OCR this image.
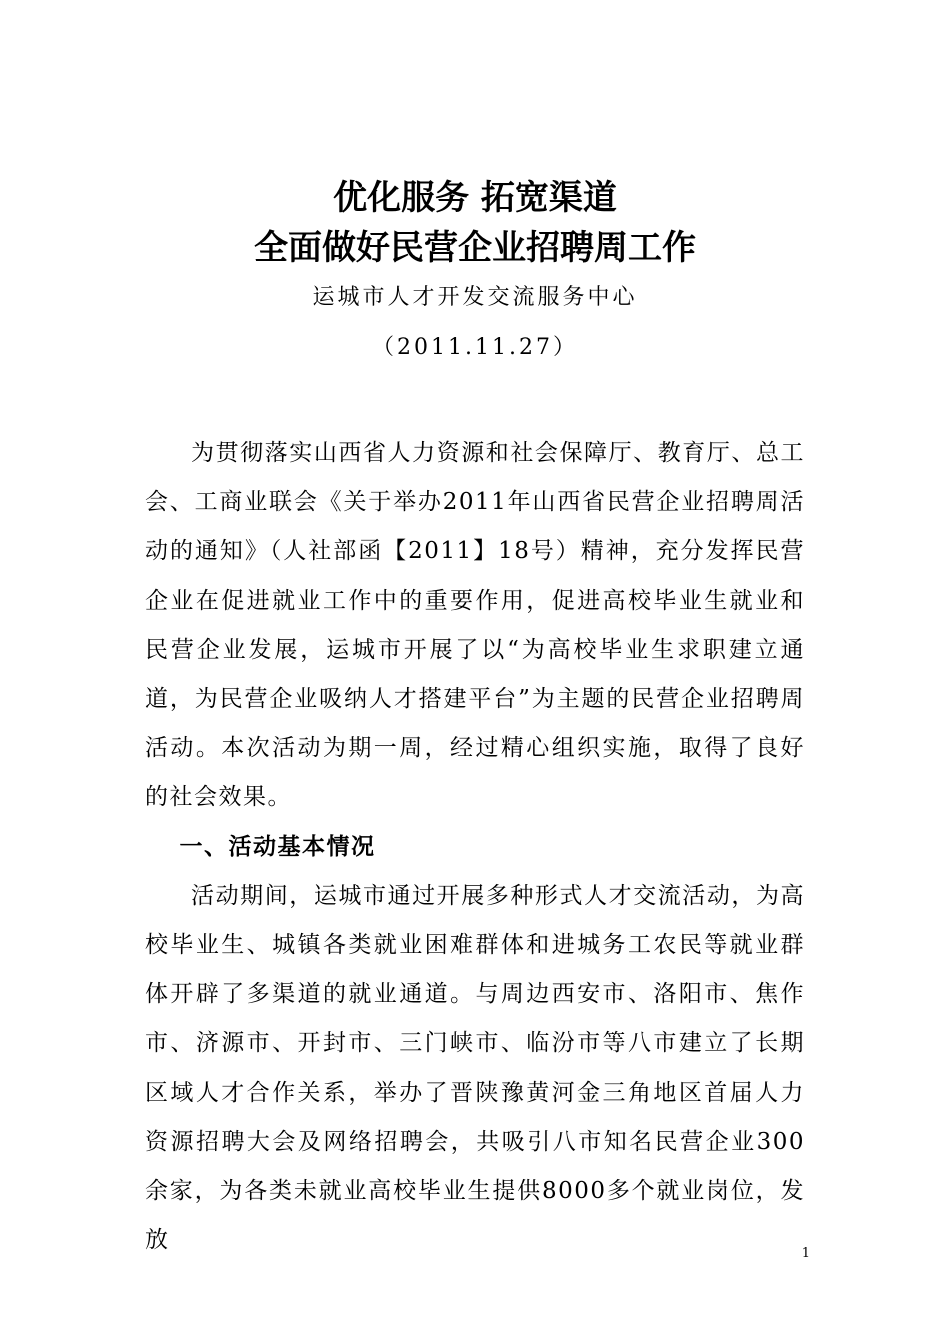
优化服务 拓宽渠道
全面做好民营企业招聘周工作
运城市人才开发交流服务中心
（2011.11.27）

为贯彻落实山西省人力资源和社会保障厅、教育厅、总工会、工商业联会《关于举办2011年山西省民营企业招聘周活动的通知》（人社部函【2011】18号）精神，充分发挥民营企业在促进就业工作中的重要作用，促进高校毕业生就业和民营企业发展，运城市开展了以“为高校毕业生求职建立通道，为民营企业吸纳人才搭建平台”为主题的民营企业招聘周活动。本次活动为期一周，经过精心组织实施，取得了良好的社会效果。

一、活动基本情况

活动期间，运城市通过开展多种形式人才交流活动，为高校毕业生、城镇各类就业困难群体和进城务工农民等就业群体开辟了多渠道的就业通道。与周边西安市、洛阳市、焦作市、济源市、开封市、三门峡市、临汾市等八市建立了长期区域人才合作关系，举办了晋陕豫黄河金三角地区首届人力资源招聘大会及网络招聘会，共吸引八市知名民营企业300余家，为各类未就业高校毕业生提供8000多个就业岗位，发放

1
